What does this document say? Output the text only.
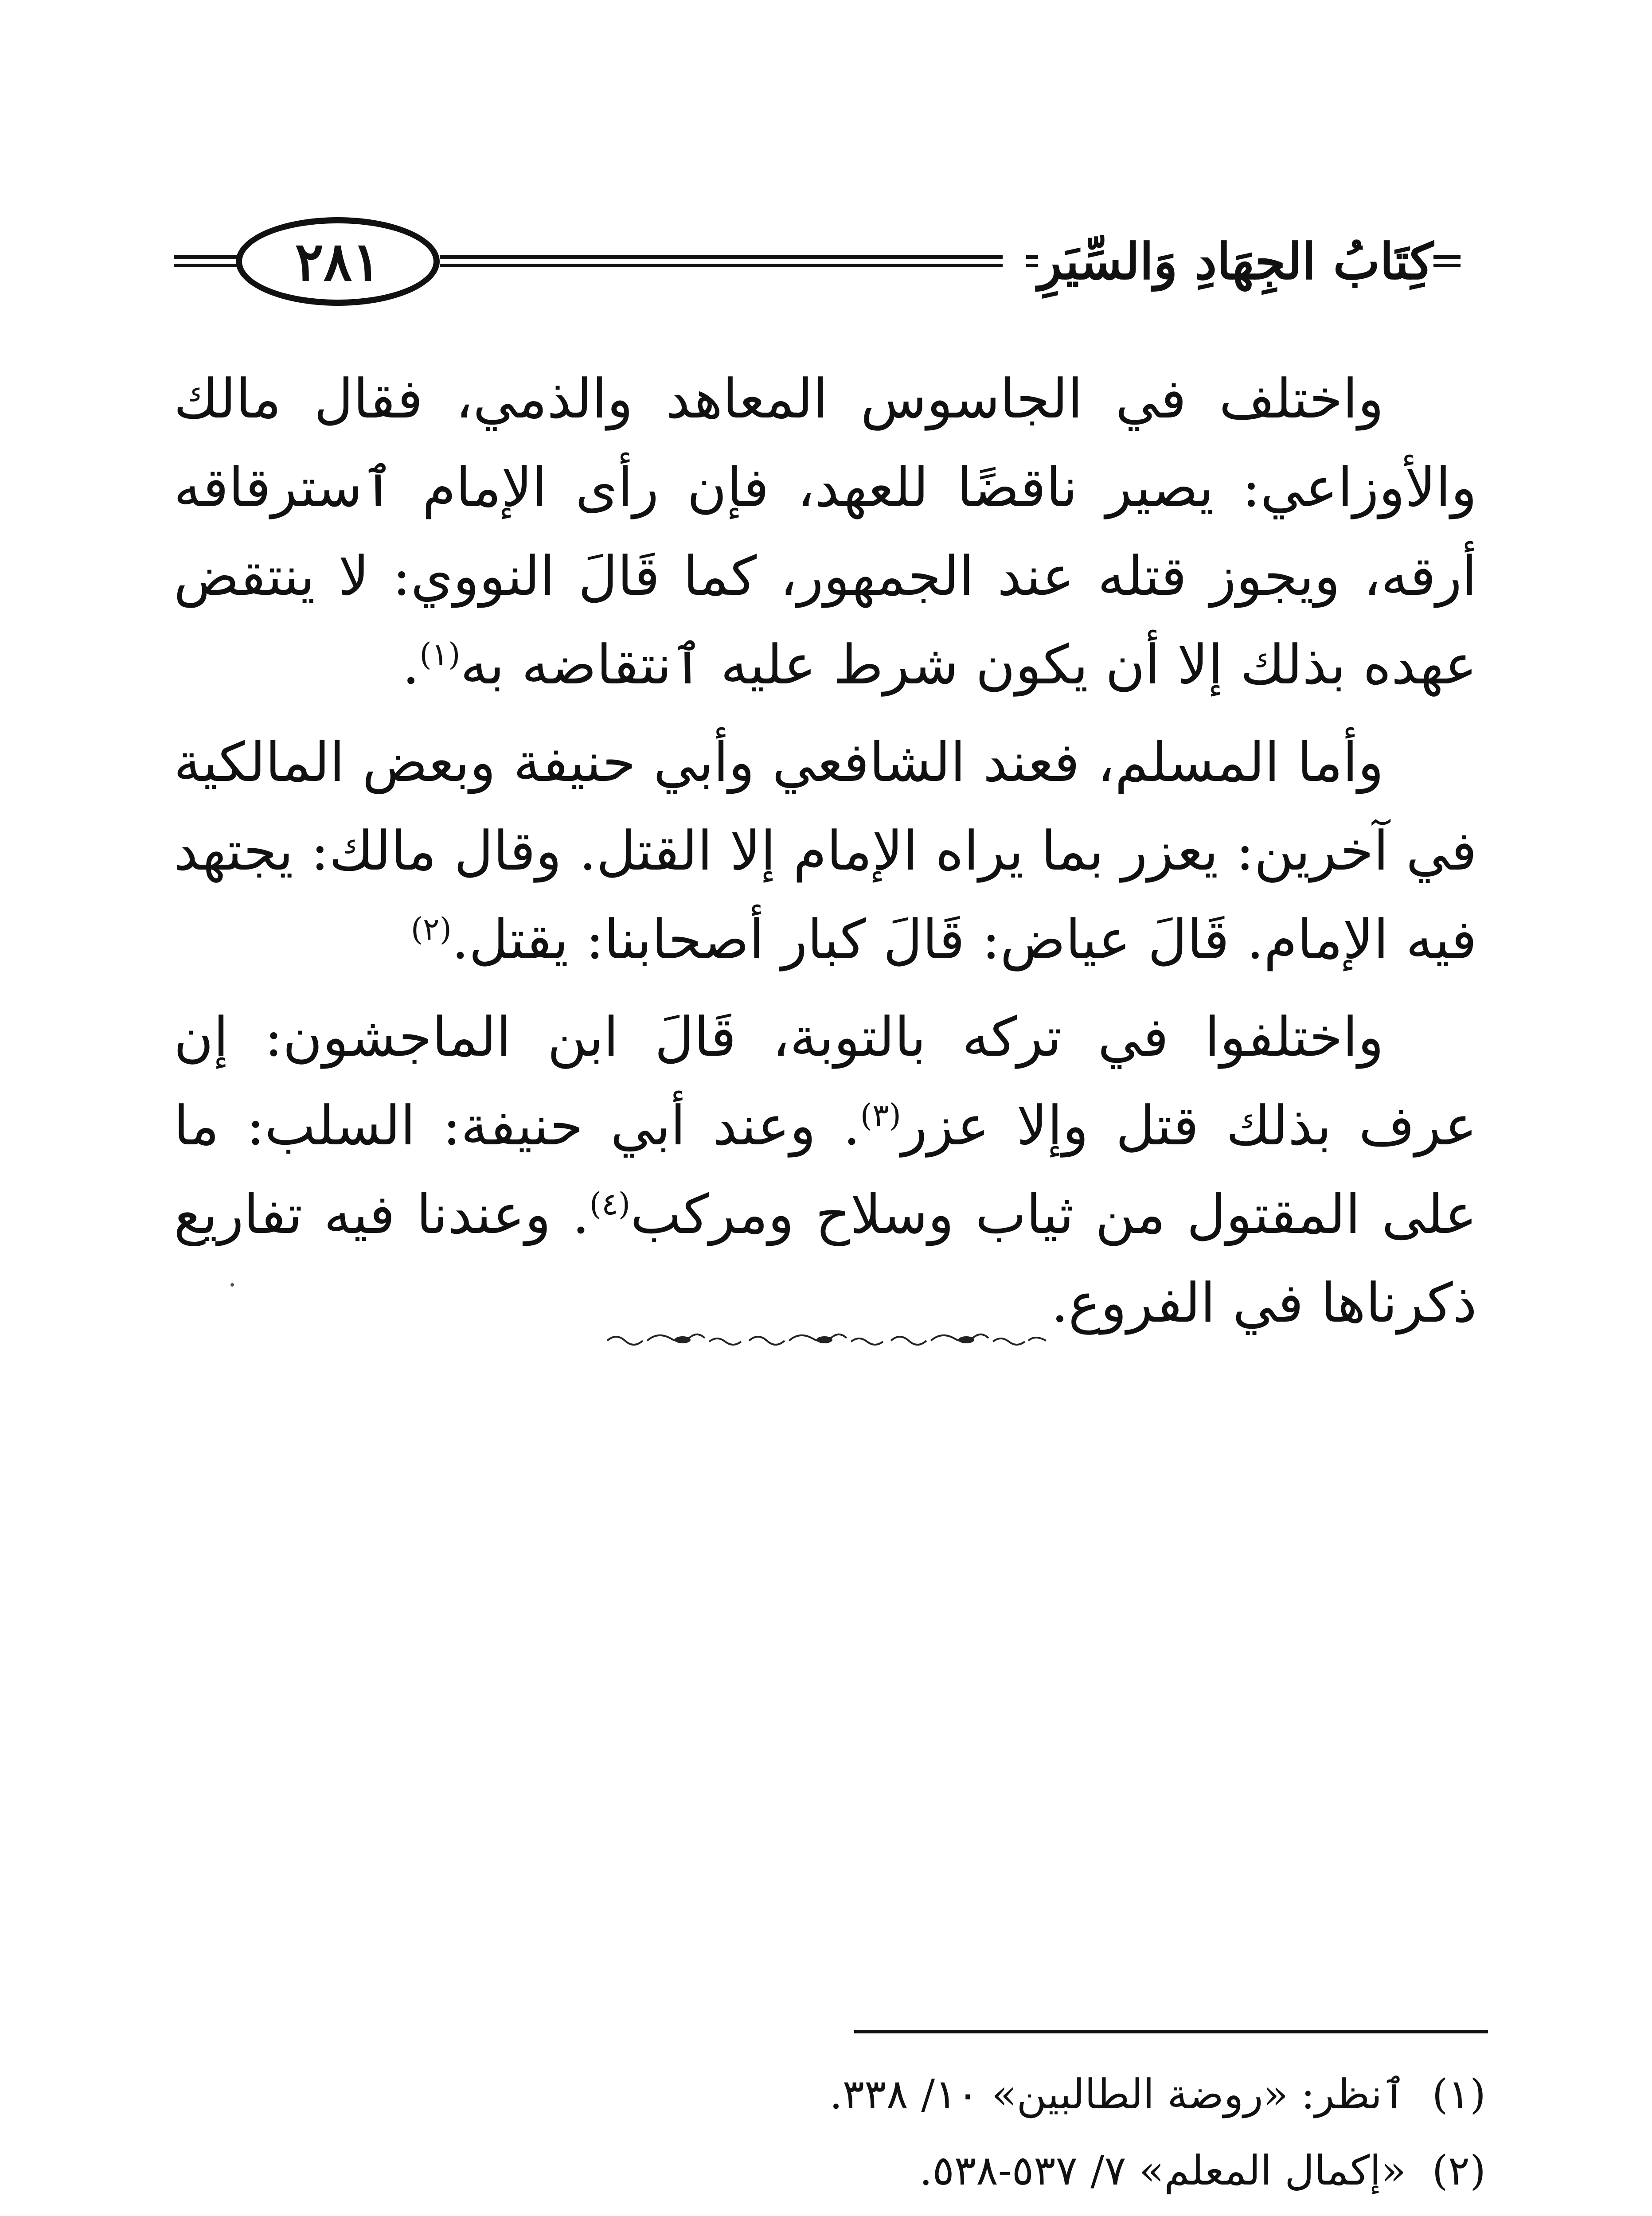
٢٨١	كِتَابُ الجِهَادِ وَالسِّيَرِ

واختلف في الجاسوس المعاهد والذمي، فقال مالك والأوزاعي: يصير ناقضًا للعهد، فإن رأى الإمام ٱسترقاقه أرقه، ويجوز قتله عند الجمهور، كما قَالَ النووي: لا ينتقض عهده بذلك إلا أن يكون شرط عليه ٱنتقاضه به$^{(١)}$.

وأما المسلم، فعند الشافعي وأبي حنيفة وبعض المالكية في آخرين: يعزر بما يراه الإمام إلا القتل. وقال مالك: يجتهد فيه الإمام. قَالَ عياض: قَالَ كبار أصحابنا: يقتل.$^{(٢)}$

واختلفوا في تركه بالتوبة، قَالَ ابن الماجشون: إن عرف بذلك قتل وإلا عزر$^{(٣)}$. وعند أبي حنيفة: السلب: ما على المقتول من ثياب وسلاح ومركب$^{(٤)}$. وعندنا فيه تفاريع ذكرناها في الفروع.

(١)
ٱنظر: «روضة الطالبين» ١٠/ ٣٣٨.
(٢)
«إكمال المعلم» ٧/ ٥٣٧-٥٣٨.
